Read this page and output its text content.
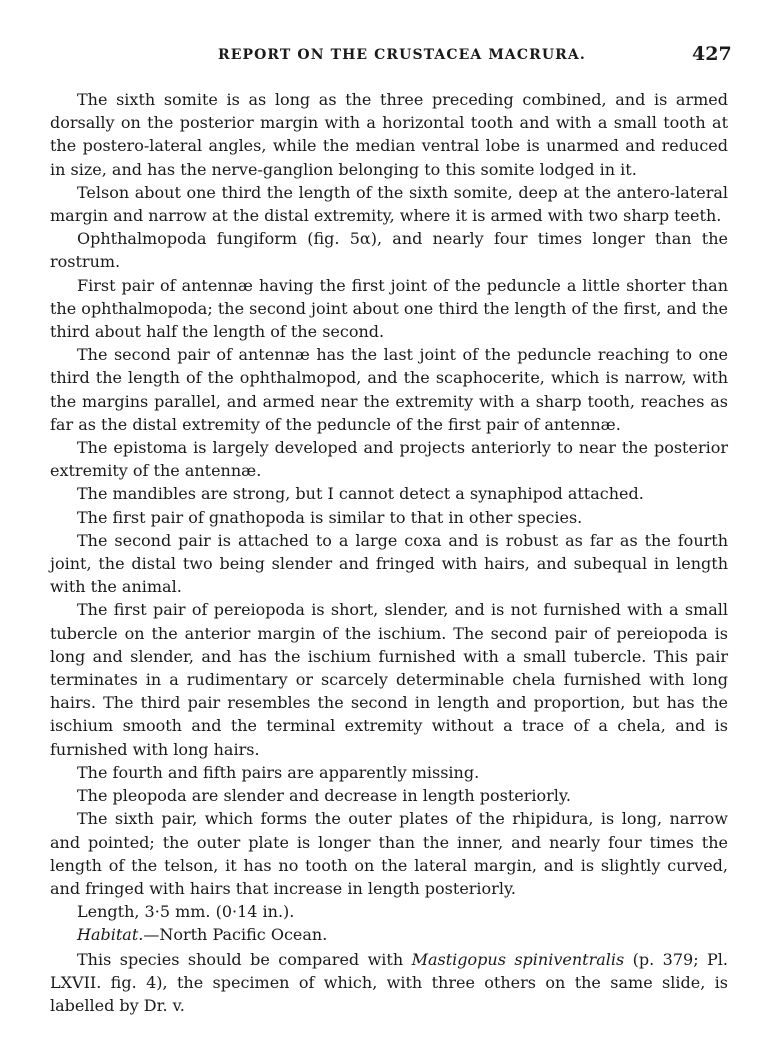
REPORT ON THE CRUSTACEA MACRURA.	427

The sixth somite is as long as the three preceding combined, and is armed dorsally on the posterior margin with a horizontal tooth and with a small tooth at the postero-lateral angles, while the median ventral lobe is unarmed and reduced in size, and has the nerve-ganglion belonging to this somite lodged in it.

Telson about one third the length of the sixth somite, deep at the antero-lateral margin and narrow at the distal extremity, where it is armed with two sharp teeth.

Ophthalmopoda fungiform (fig. 5α), and nearly four times longer than the rostrum.

First pair of antennæ having the first joint of the peduncle a little shorter than the ophthalmopoda; the second joint about one third the length of the first, and the third about half the length of the second.

The second pair of antennæ has the last joint of the peduncle reaching to one third the length of the ophthalmopod, and the scaphocerite, which is narrow, with the margins parallel, and armed near the extremity with a sharp tooth, reaches as far as the distal extremity of the peduncle of the first pair of antennæ.

The epistoma is largely developed and projects anteriorly to near the posterior extremity of the antennæ.

The mandibles are strong, but I cannot detect a synaphipod attached.

The first pair of gnathopoda is similar to that in other species.

The second pair is attached to a large coxa and is robust as far as the fourth joint, the distal two being slender and fringed with hairs, and subequal in length with the animal.

The first pair of pereiopoda is short, slender, and is not furnished with a small tubercle on the anterior margin of the ischium. The second pair of pereiopoda is long and slender, and has the ischium furnished with a small tubercle. This pair terminates in a rudimentary or scarcely determinable chela furnished with long hairs. The third pair resembles the second in length and proportion, but has the ischium smooth and the terminal extremity without a trace of a chela, and is furnished with long hairs.

The fourth and fifth pairs are apparently missing.

The pleopoda are slender and decrease in length posteriorly.

The sixth pair, which forms the outer plates of the rhipidura, is long, narrow and pointed; the outer plate is longer than the inner, and nearly four times the length of the telson, it has no tooth on the lateral margin, and is slightly curved, and fringed with hairs that increase in length posteriorly.

Length, 3·5 mm. (0·14 in.).

Habitat.—North Pacific Ocean.

This species should be compared with Mastigopus spiniventralis (p. 379; Pl. LXVII. fig. 4), the specimen of which, with three others on the same slide, is labelled by Dr. v.
